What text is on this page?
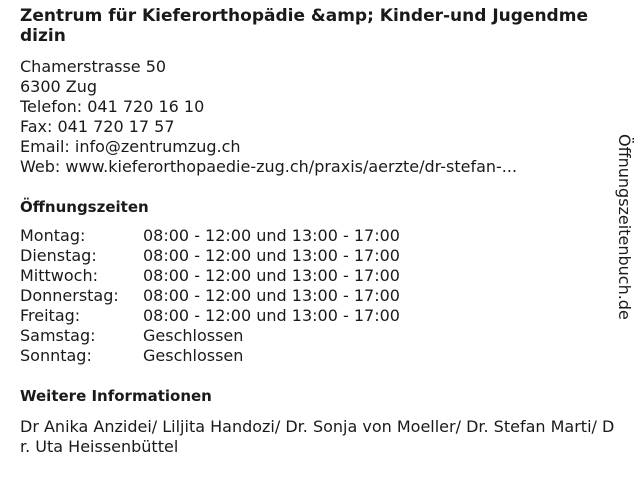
Zentrum für Kieferorthopädie &amp; Kinder-und Jugendmedizin
Chamerstrasse 50
6300 Zug
Telefon: 041 720 16 10
Fax: 041 720 17 57
Email: info@zentrumzug.ch
Web: www.kieferorthopaedie-zug.ch/praxis/aerzte/dr-stefan-...
Öffnungszeiten
Montag:	08:00 - 12:00 und 13:00 - 17:00
Dienstag:	08:00 - 12:00 und 13:00 - 17:00
Mittwoch:	08:00 - 12:00 und 13:00 - 17:00
Donnerstag:	08:00 - 12:00 und 13:00 - 17:00
Freitag:	08:00 - 12:00 und 13:00 - 17:00
Samstag:	Geschlossen
Sonntag:	Geschlossen
Weitere Informationen
Dr Anika Anzidei/ Liljita Handozi/ Dr. Sonja von Moeller/ Dr. Stefan Marti/ Dr. Uta Heissenbüttel
Öffnungszeitenbuch.de
